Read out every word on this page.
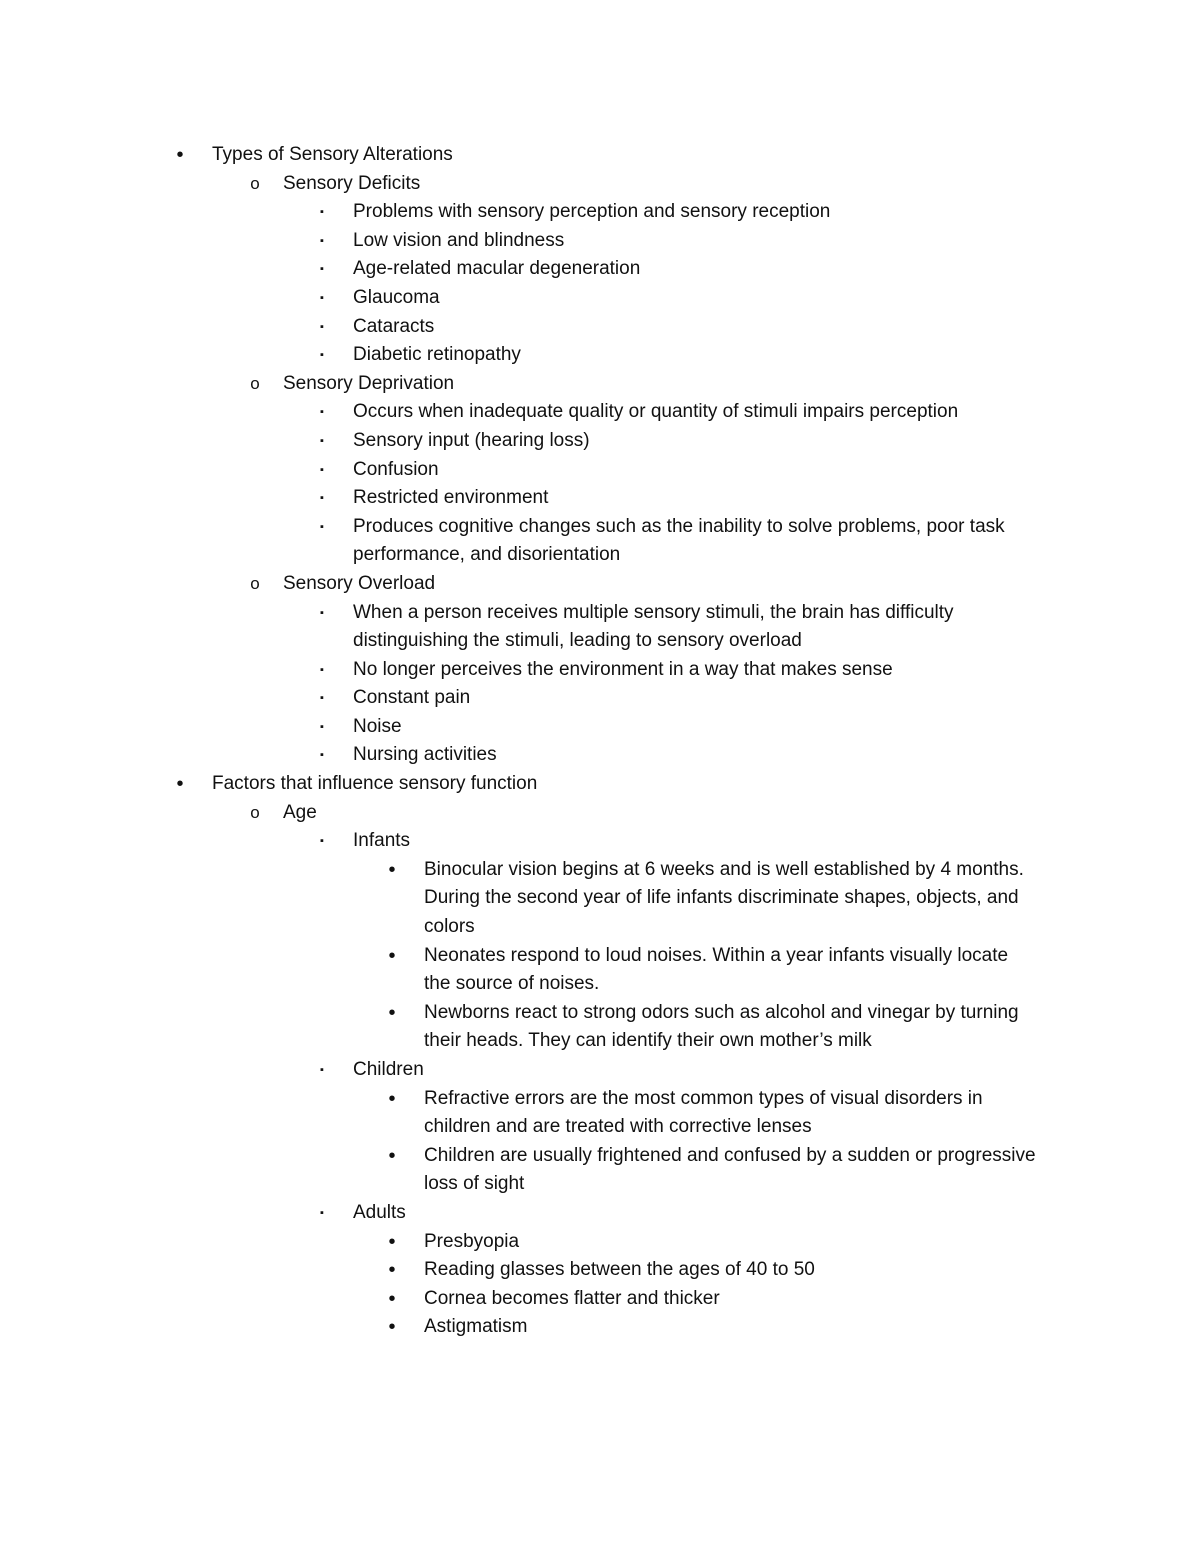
•	Types of Sensory Alterations
o Sensory Deficits
▪	Problems with sensory perception and sensory reception
▪	Low vision and blindness
▪	Age-related macular degeneration
▪	Glaucoma
▪	Cataracts
▪	Diabetic retinopathy
o Sensory Deprivation
▪	Occurs when inadequate quality or quantity of stimuli impairs perception
▪	Sensory input (hearing loss)
▪	Confusion
▪	Restricted environment
▪	Produces cognitive changes such as the inability to solve problems, poor task
performance, and disorientation
o Sensory Overload
▪	When a person receives multiple sensory stimuli, the brain has difficulty
distinguishing the stimuli, leading to sensory overload
▪	No longer perceives the environment in a way that makes sense
▪	Constant pain
▪	Noise
▪	Nursing activities
•	Factors that influence sensory function
o Age
▪	Infants
•	Binocular vision begins at 6 weeks and is well established by 4 months.
During the second year of life infants discriminate shapes, objects, and
colors
•	Neonates respond to loud noises. Within a year infants visually locate
the source of noises.
•	Newborns react to strong odors such as alcohol and vinegar by turning
their heads. They can identify their own mother’s milk
▪	Children
•	Refractive errors are the most common types of visual disorders in
children and are treated with corrective lenses
•	Children are usually frightened and confused by a sudden or progressive
loss of sight
▪	Adults
•	Presbyopia
•	Reading glasses between the ages of 40 to 50
•	Cornea becomes flatter and thicker
•	Astigmatism
